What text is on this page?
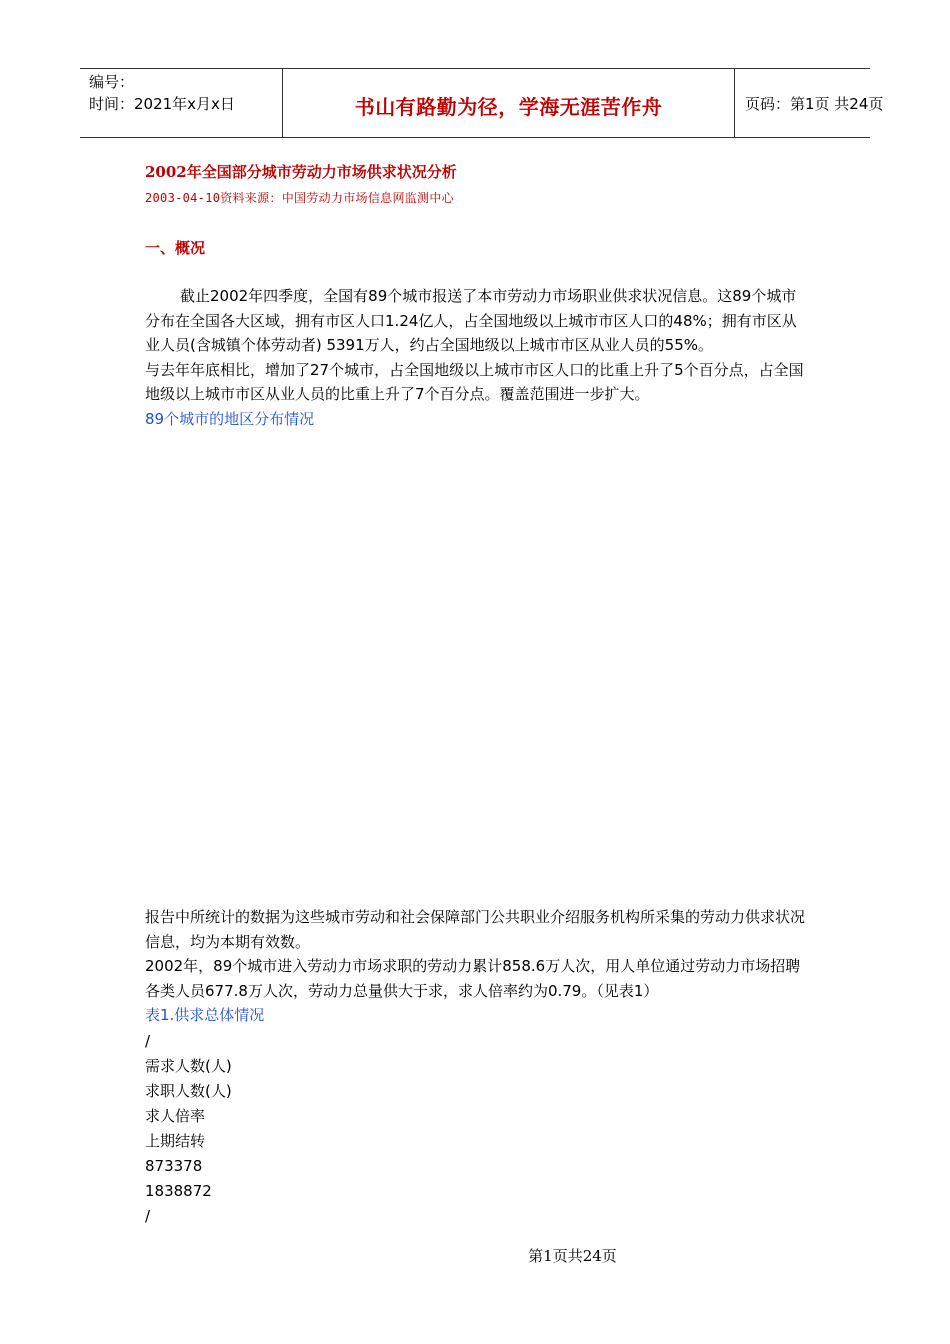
编号：
时间：2021年x月x日	书山有路勤为径，学海无涯苦作舟	页码：第1页 共24页
2002年全国部分城市劳动力市场供求状况分析
2003-04-10资料来源：中国劳动力市场信息网监测中心
一、概况

截止2002年四季度，全国有89个城市报送了本市劳动力市场职业供求状况信息。这89个城市分布在全国各大区域，拥有市区人口1.24亿人，占全国地级以上城市市区人口的48%；拥有市区从业人员(含城镇个体劳动者) 5391万人，约占全国地级以上城市市区从业人员的55%。

与去年年底相比，增加了27个城市，占全国地级以上城市市区人口的比重上升了5个百分点，占全国地级以上城市市区从业人员的比重上升了7个百分点。覆盖范围进一步扩大。

89个城市的地区分布情况

报告中所统计的数据为这些城市劳动和社会保障部门公共职业介绍服务机构所采集的劳动力供求状况信息，均为本期有效数。

2002年，89个城市进入劳动力市场求职的劳动力累计858.6万人次，用人单位通过劳动力市场招聘各类人员677.8万人次，劳动力总量供大于求，求人倍率约为0.79。（见表1）

表1.供求总体情况

/
需求人数(人)
求职人数(人)
求人倍率
上期结转
873378
1838872
/
第1页共24页
